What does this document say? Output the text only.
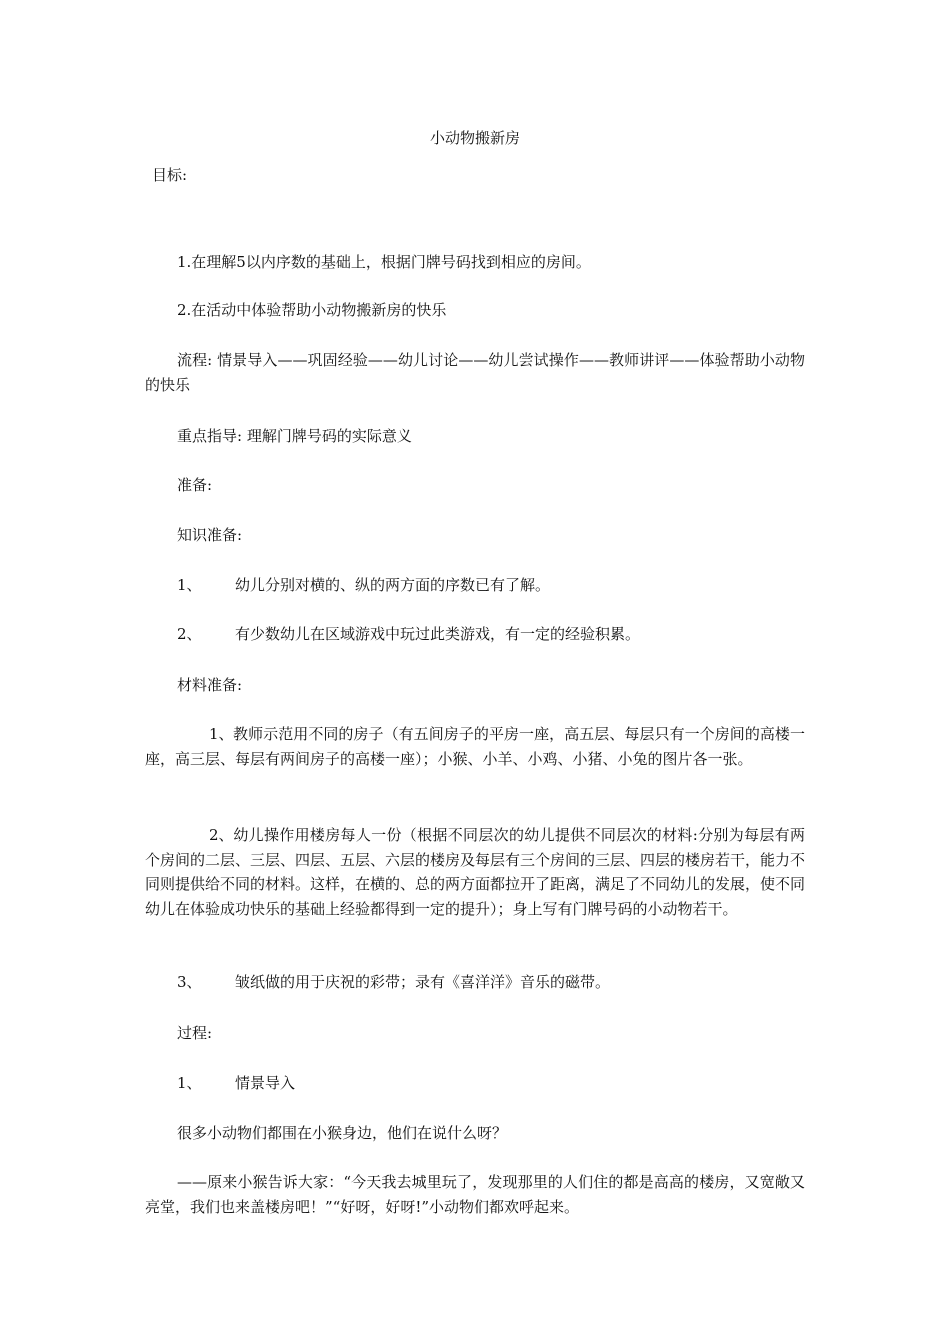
小动物搬新房
目标:
1.在理解5以内序数的基础上，根据门牌号码找到相应的房间。
2.在活动中体验帮助小动物搬新房的快乐
流程: 情景导入——巩固经验——幼儿讨论——幼儿尝试操作——教师讲评——体验帮助小动物的快乐
重点指导: 理解门牌号码的实际意义
准备:
知识准备:
1、 幼儿分别对横的、纵的两方面的序数已有了解。
2、 有少数幼儿在区域游戏中玩过此类游戏，有一定的经验积累。
材料准备:
1、教师示范用不同的房子（有五间房子的平房一座，高五层、每层只有一个房间的高楼一座，高三层、每层有两间房子的高楼一座）；小猴、小羊、小鸡、小猪、小兔的图片各一张。
2、幼儿操作用楼房每人一份（根据不同层次的幼儿提供不同层次的材料:分别为每层有两个房间的二层、三层、四层、五层、六层的楼房及每层有三个房间的三层、四层的楼房若干，能力不同则提供给不同的材料。这样，在横的、总的两方面都拉开了距离，满足了不同幼儿的发展，使不同幼儿在体验成功快乐的基础上经验都得到一定的提升）；身上写有门牌号码的小动物若干。
3、 皱纸做的用于庆祝的彩带；录有《喜洋洋》音乐的磁带。
过程:
1、 情景导入
很多小动物们都围在小猴身边，他们在说什么呀？
——原来小猴告诉大家：“今天我去城里玩了，发现那里的人们住的都是高高的楼房，又宽敞又亮堂，我们也来盖楼房吧！”“好呀，好呀!”小动物们都欢呼起来。
